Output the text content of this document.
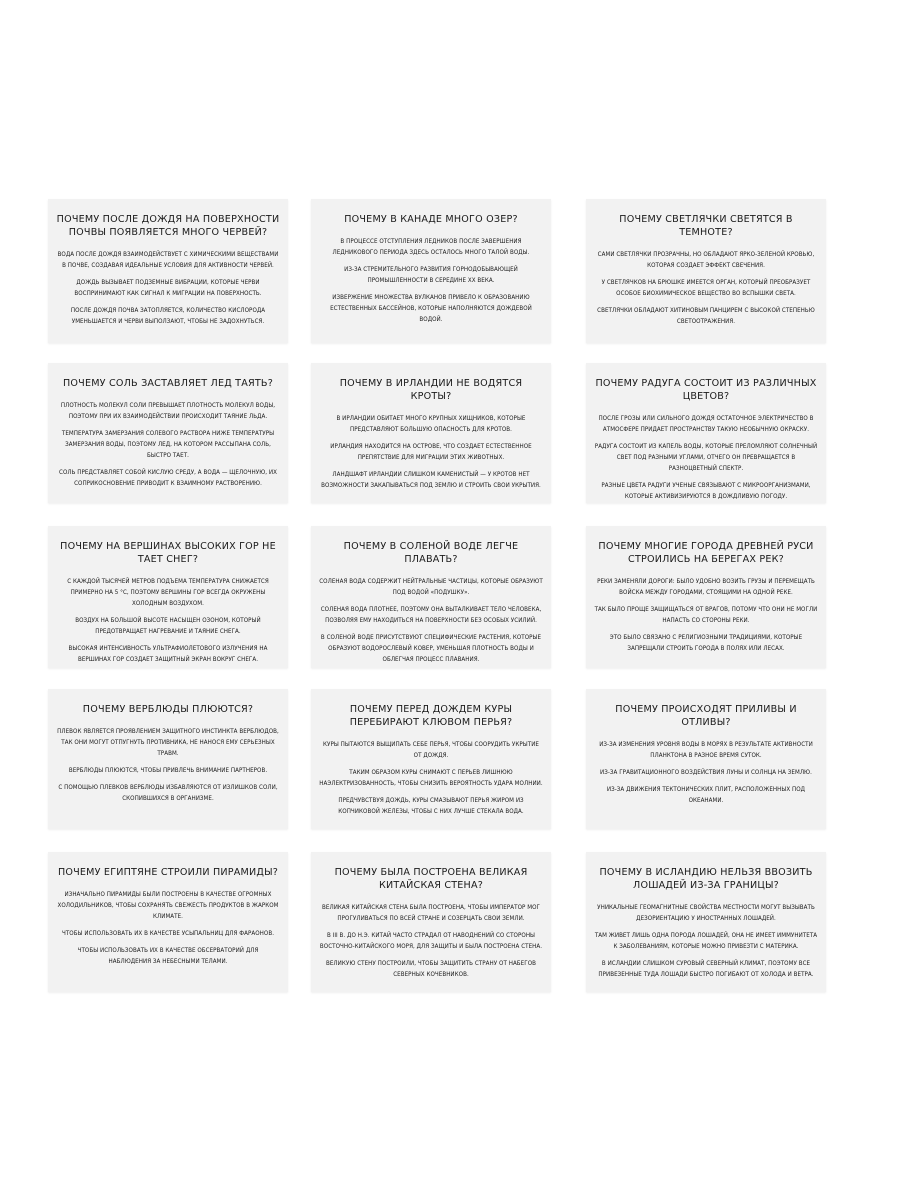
ПОЧЕМУ ПОСЛЕ ДОЖДЯ НА ПОВЕРХНОСТИ ПОЧВЫ ПОЯВЛЯЕТСЯ МНОГО ЧЕРВЕЙ?
ВОДА ПОСЛЕ ДОЖДЯ ВЗАИМОДЕЙСТВУЕТ С ХИМИЧЕСКИМИ ВЕЩЕСТВАМИ В ПОЧВЕ, СОЗДАВАЯ ИДЕАЛЬНЫЕ УСЛОВИЯ ДЛЯ АКТИВНОСТИ ЧЕРВЕЙ.
ДОЖДЬ ВЫЗЫВАЕТ ПОДЗЕМНЫЕ ВИБРАЦИИ, КОТОРЫЕ ЧЕРВИ ВОСПРИНИМАЮТ КАК СИГНАЛ К МИГРАЦИИ НА ПОВЕРХНОСТЬ.
ПОСЛЕ ДОЖДЯ ПОЧВА ЗАТОПЛЯЕТСЯ, КОЛИЧЕСТВО КИСЛОРОДА УМЕНЬШАЕТСЯ И ЧЕРВИ ВЫПОЛЗАЮТ, ЧТОБЫ НЕ ЗАДОХНУТЬСЯ.
ПОЧЕМУ В КАНАДЕ МНОГО ОЗЕР?
В ПРОЦЕССЕ ОТСТУПЛЕНИЯ ЛЕДНИКОВ ПОСЛЕ ЗАВЕРШЕНИЯ ЛЕДНИКОВОГО ПЕРИОДА ЗДЕСЬ ОСТАЛОСЬ МНОГО ТАЛОЙ ВОДЫ.
ИЗ-ЗА СТРЕМИТЕЛЬНОГО РАЗВИТИЯ ГОРНОДОБЫВАЮЩЕЙ ПРОМЫШЛЕННОСТИ В СЕРЕДИНЕ XX ВЕКА.
ИЗВЕРЖЕНИЕ МНОЖЕСТВА ВУЛКАНОВ ПРИВЕЛО К ОБРАЗОВАНИЮ ЕСТЕСТВЕННЫХ БАССЕЙНОВ, КОТОРЫЕ НАПОЛНЯЮТСЯ ДОЖДЕВОЙ ВОДОЙ.
ПОЧЕМУ СВЕТЛЯЧКИ СВЕТЯТСЯ В ТЕМНОТЕ?
САМИ СВЕТЛЯЧКИ ПРОЗРАЧНЫ, НО ОБЛАДАЮТ ЯРКО-ЗЕЛЕНОЙ КРОВЬЮ, КОТОРАЯ СОЗДАЕТ ЭФФЕКТ СВЕЧЕНИЯ.
У СВЕТЛЯЧКОВ НА БРЮШКЕ ИМЕЕТСЯ ОРГАН, КОТОРЫЙ ПРЕОБРАЗУЕТ ОСОБОЕ БИОХИМИЧЕСКОЕ ВЕЩЕСТВО ВО ВСПЫШКИ СВЕТА.
СВЕТЛЯЧКИ ОБЛАДАЮТ ХИТИНОВЫМ ПАНЦИРЕМ С ВЫСОКОЙ СТЕПЕНЬЮ СВЕТООТРАЖЕНИЯ.
ПОЧЕМУ СОЛЬ ЗАСТАВЛЯЕТ ЛЕД ТАЯТЬ?
ПЛОТНОСТЬ МОЛЕКУЛ СОЛИ ПРЕВЫШАЕТ ПЛОТНОСТЬ МОЛЕКУЛ ВОДЫ, ПОЭТОМУ ПРИ ИХ ВЗАИМОДЕЙСТВИИ ПРОИСХОДИТ ТАЯНИЕ ЛЬДА.
ТЕМПЕРАТУРА ЗАМЕРЗАНИЯ СОЛЕВОГО РАСТВОРА НИЖЕ ТЕМПЕРАТУРЫ ЗАМЕРЗАНИЯ ВОДЫ, ПОЭТОМУ ЛЕД, НА КОТОРОМ РАССЫПАНА СОЛЬ, БЫСТРО ТАЕТ.
СОЛЬ ПРЕДСТАВЛЯЕТ СОБОЙ КИСЛУЮ СРЕДУ, А ВОДА — ЩЕЛОЧНУЮ, ИХ СОПРИКОСНОВЕНИЕ ПРИВОДИТ К ВЗАИМНОМУ РАСТВОРЕНИЮ.
ПОЧЕМУ В ИРЛАНДИИ НЕ ВОДЯТСЯ КРОТЫ?
В ИРЛАНДИИ ОБИТАЕТ МНОГО КРУПНЫХ ХИЩНИКОВ, КОТОРЫЕ ПРЕДСТАВЛЯЮТ БОЛЬШУЮ ОПАСНОСТЬ ДЛЯ КРОТОВ.
ИРЛАНДИЯ НАХОДИТСЯ НА ОСТРОВЕ, ЧТО СОЗДАЕТ ЕСТЕСТВЕННОЕ ПРЕПЯТСТВИЕ ДЛЯ МИГРАЦИИ ЭТИХ ЖИВОТНЫХ.
ЛАНДШАФТ ИРЛАНДИИ СЛИШКОМ КАМЕНИСТЫЙ — У КРОТОВ НЕТ ВОЗМОЖНОСТИ ЗАКАПЫВАТЬСЯ ПОД ЗЕМЛЮ И СТРОИТЬ СВОИ УКРЫТИЯ.
ПОЧЕМУ РАДУГА СОСТОИТ ИЗ РАЗЛИЧНЫХ ЦВЕТОВ?
ПОСЛЕ ГРОЗЫ ИЛИ СИЛЬНОГО ДОЖДЯ ОСТАТОЧНОЕ ЭЛЕКТРИЧЕСТВО В АТМОСФЕРЕ ПРИДАЕТ ПРОСТРАНСТВУ ТАКУЮ НЕОБЫЧНУЮ ОКРАСКУ.
РАДУГА СОСТОИТ ИЗ КАПЕЛЬ ВОДЫ, КОТОРЫЕ ПРЕЛОМЛЯЮТ СОЛНЕЧНЫЙ СВЕТ ПОД РАЗНЫМИ УГЛАМИ, ОТЧЕГО ОН ПРЕВРАЩАЕТСЯ В РАЗНОЦВЕТНЫЙ СПЕКТР.
РАЗНЫЕ ЦВЕТА РАДУГИ УЧЕНЫЕ СВЯЗЫВАЮТ С МИКРООРГАНИЗМАМИ, КОТОРЫЕ АКТИВИЗИРУЮТСЯ В ДОЖДЛИВУЮ ПОГОДУ.
ПОЧЕМУ НА ВЕРШИНАХ ВЫСОКИХ ГОР НЕ ТАЕТ СНЕГ?
С КАЖДОЙ ТЫСЯЧЕЙ МЕТРОВ ПОДЪЕМА ТЕМПЕРАТУРА СНИЖАЕТСЯ ПРИМЕРНО НА 5 °С, ПОЭТОМУ ВЕРШИНЫ ГОР ВСЕГДА ОКРУЖЕНЫ ХОЛОДНЫМ ВОЗДУХОМ.
ВОЗДУХ НА БОЛЬШОЙ ВЫСОТЕ НАСЫЩЕН ОЗОНОМ, КОТОРЫЙ ПРЕДОТВРАЩАЕТ НАГРЕВАНИЕ И ТАЯНИЕ СНЕГА.
ВЫСОКАЯ ИНТЕНСИВНОСТЬ УЛЬТРАФИОЛЕТОВОГО ИЗЛУЧЕНИЯ НА ВЕРШИНАХ ГОР СОЗДАЕТ ЗАЩИТНЫЙ ЭКРАН ВОКРУГ СНЕГА.
ПОЧЕМУ В СОЛЕНОЙ ВОДЕ ЛЕГЧЕ ПЛАВАТЬ?
СОЛЕНАЯ ВОДА СОДЕРЖИТ НЕЙТРАЛЬНЫЕ ЧАСТИЦЫ, КОТОРЫЕ ОБРАЗУЮТ ПОД ВОДОЙ «ПОДУШКУ».
СОЛЕНАЯ ВОДА ПЛОТНЕЕ, ПОЭТОМУ ОНА ВЫТАЛКИВАЕТ ТЕЛО ЧЕЛОВЕКА, ПОЗВОЛЯЯ ЕМУ НАХОДИТЬСЯ НА ПОВЕРХНОСТИ БЕЗ ОСОБЫХ УСИЛИЙ.
В СОЛЕНОЙ ВОДЕ ПРИСУТСТВУЮТ СПЕЦИФИЧЕСКИЕ РАСТЕНИЯ, КОТОРЫЕ ОБРАЗУЮТ ВОДОРОСЛЕВЫЙ КОВЕР, УМЕНЬШАЯ ПЛОТНОСТЬ ВОДЫ И ОБЛЕГЧАЯ ПРОЦЕСС ПЛАВАНИЯ.
ПОЧЕМУ МНОГИЕ ГОРОДА ДРЕВНЕЙ РУСИ СТРОИЛИСЬ НА БЕРЕГАХ РЕК?
РЕКИ ЗАМЕНЯЛИ ДОРОГИ: БЫЛО УДОБНО ВОЗИТЬ ГРУЗЫ И ПЕРЕМЕЩАТЬ ВОЙСКА МЕЖДУ ГОРОДАМИ, СТОЯЩИМИ НА ОДНОЙ РЕКЕ.
ТАК БЫЛО ПРОЩЕ ЗАЩИЩАТЬСЯ ОТ ВРАГОВ, ПОТОМУ ЧТО ОНИ НЕ МОГЛИ НАПАСТЬ СО СТОРОНЫ РЕКИ.
ЭТО БЫЛО СВЯЗАНО С РЕЛИГИОЗНЫМИ ТРАДИЦИЯМИ, КОТОРЫЕ ЗАПРЕЩАЛИ СТРОИТЬ ГОРОДА В ПОЛЯХ ИЛИ ЛЕСАХ.
ПОЧЕМУ ВЕРБЛЮДЫ ПЛЮЮТСЯ?
ПЛЕВОК ЯВЛЯЕТСЯ ПРОЯВЛЕНИЕМ ЗАЩИТНОГО ИНСТИНКТА ВЕРБЛЮДОВ, ТАК ОНИ МОГУТ ОТПУГНУТЬ ПРОТИВНИКА, НЕ НАНОСЯ ЕМУ СЕРЬЕЗНЫХ ТРАВМ.
ВЕРБЛЮДЫ ПЛЮЮТСЯ, ЧТОБЫ ПРИВЛЕЧЬ ВНИМАНИЕ ПАРТНЕРОВ.
С ПОМОЩЬЮ ПЛЕВКОВ ВЕРБЛЮДЫ ИЗБАВЛЯЮТСЯ ОТ ИЗЛИШКОВ СОЛИ, СКОПИВШИХСЯ В ОРГАНИЗМЕ.
ПОЧЕМУ ПЕРЕД ДОЖДЕМ КУРЫ ПЕРЕБИРАЮТ КЛЮВОМ ПЕРЬЯ?
КУРЫ ПЫТАЮТСЯ ВЫЩИПАТЬ СЕБЕ ПЕРЬЯ, ЧТОБЫ СООРУДИТЬ УКРЫТИЕ ОТ ДОЖДЯ.
ТАКИМ ОБРАЗОМ КУРЫ СНИМАЮТ С ПЕРЬЕВ ЛИШНЮЮ НАЭЛЕКТРИЗОВАННОСТЬ, ЧТОБЫ СНИЗИТЬ ВЕРОЯТНОСТЬ УДАРА МОЛНИИ.
ПРЕДЧУВСТВУЯ ДОЖДЬ, КУРЫ СМАЗЫВАЮТ ПЕРЬЯ ЖИРОМ ИЗ КОПЧИКОВОЙ ЖЕЛЕЗЫ, ЧТОБЫ С НИХ ЛУЧШЕ СТЕКАЛА ВОДА.
ПОЧЕМУ ПРОИСХОДЯТ ПРИЛИВЫ И ОТЛИВЫ?
ИЗ-ЗА ИЗМЕНЕНИЯ УРОВНЯ ВОДЫ В МОРЯХ В РЕЗУЛЬТАТЕ АКТИВНОСТИ ПЛАНКТОНА В РАЗНОЕ ВРЕМЯ СУТОК.
ИЗ-ЗА ГРАВИТАЦИОННОГО ВОЗДЕЙСТВИЯ ЛУНЫ И СОЛНЦА НА ЗЕМЛЮ.
ИЗ-ЗА ДВИЖЕНИЯ ТЕКТОНИЧЕСКИХ ПЛИТ, РАСПОЛОЖЕННЫХ ПОД ОКЕАНАМИ.
ПОЧЕМУ ЕГИПТЯНЕ СТРОИЛИ ПИРАМИДЫ?
ИЗНАЧАЛЬНО ПИРАМИДЫ БЫЛИ ПОСТРОЕНЫ В КАЧЕСТВЕ ОГРОМНЫХ ХОЛОДИЛЬНИКОВ, ЧТОБЫ СОХРАНЯТЬ СВЕЖЕСТЬ ПРОДУКТОВ В ЖАРКОМ КЛИМАТЕ.
ЧТОБЫ ИСПОЛЬЗОВАТЬ ИХ В КАЧЕСТВЕ УСЫПАЛЬНИЦ ДЛЯ ФАРАОНОВ.
ЧТОБЫ ИСПОЛЬЗОВАТЬ ИХ В КАЧЕСТВЕ ОБСЕРВАТОРИЙ ДЛЯ НАБЛЮДЕНИЯ ЗА НЕБЕСНЫМИ ТЕЛАМИ.
ПОЧЕМУ БЫЛА ПОСТРОЕНА ВЕЛИКАЯ КИТАЙСКАЯ СТЕНА?
ВЕЛИКАЯ КИТАЙСКАЯ СТЕНА БЫЛА ПОСТРОЕНА, ЧТОБЫ ИМПЕРАТОР МОГ ПРОГУЛИВАТЬСЯ ПО ВСЕЙ СТРАНЕ И СОЗЕРЦАТЬ СВОИ ЗЕМЛИ.
В III В. ДО Н.Э. КИТАЙ ЧАСТО СТРАДАЛ ОТ НАВОДНЕНИЙ СО СТОРОНЫ ВОСТОЧНО-КИТАЙСКОГО МОРЯ, ДЛЯ ЗАЩИТЫ И БЫЛА ПОСТРОЕНА СТЕНА.
ВЕЛИКУЮ СТЕНУ ПОСТРОИЛИ, ЧТОБЫ ЗАЩИТИТЬ СТРАНУ ОТ НАБЕГОВ СЕВЕРНЫХ КОЧЕВНИКОВ.
ПОЧЕМУ В ИСЛАНДИЮ НЕЛЬЗЯ ВВОЗИТЬ ЛОШАДЕЙ ИЗ-ЗА ГРАНИЦЫ?
УНИКАЛЬНЫЕ ГЕОМАГНИТНЫЕ СВОЙСТВА МЕСТНОСТИ МОГУТ ВЫЗЫВАТЬ ДЕЗОРИЕНТАЦИЮ У ИНОСТРАННЫХ ЛОШАДЕЙ.
ТАМ ЖИВЕТ ЛИШЬ ОДНА ПОРОДА ЛОШАДЕЙ, ОНА НЕ ИМЕЕТ ИММУНИТЕТА К ЗАБОЛЕВАНИЯМ, КОТОРЫЕ МОЖНО ПРИВЕЗТИ С МАТЕРИКА.
В ИСЛАНДИИ СЛИШКОМ СУРОВЫЙ СЕВЕРНЫЙ КЛИМАТ, ПОЭТОМУ ВСЕ ПРИВЕЗЕННЫЕ ТУДА ЛОШАДИ БЫСТРО ПОГИБАЮТ ОТ ХОЛОДА И ВЕТРА.
